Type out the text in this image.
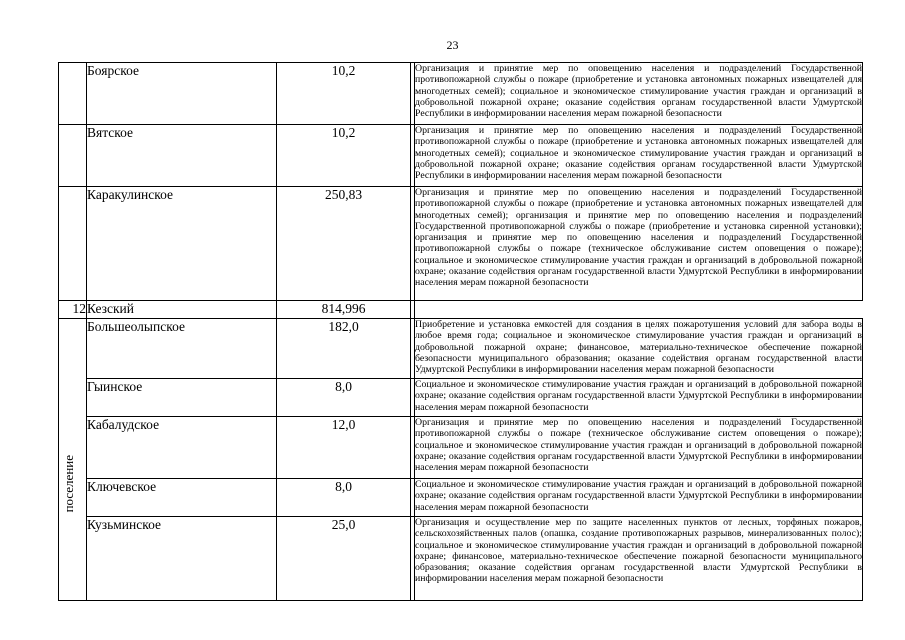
23
	Боярское	10,2		Организация и принятие мер по оповещению населения и подразделений Государственной противопожарной службы о пожаре (приобретение и установка автономных пожарных извещателей для многодетных семей); социальное и экономическое стимулирование участия граждан и организаций в добровольной пожарной охране; оказание содействия органам государственной власти Удмуртской Республики в информировании населения мерам пожарной безопасности
	Вятское	10,2		Организация и принятие мер по оповещению населения и подразделений Государственной противопожарной службы о пожаре (приобретение и установка автономных пожарных извещателей для многодетных семей); социальное и экономическое стимулирование участия граждан и организаций в добровольной пожарной охране; оказание содействия органам государственной власти Удмуртской Республики в информировании населения мерам пожарной безопасности
	Каракулинское	250,83		Организация и принятие мер по оповещению населения и подразделений Государственной противопожарной службы о пожаре (приобретение и установка автономных пожарных извещателей для многодетных семей); организация и принятие мер по оповещению населения и подразделений Государственной противопожарной службы о пожаре (приобретение и установка сиренной установки); организация и принятие мер по оповещению населения и подразделений Государственной противопожарной службы о пожаре (техническое обслуживание систем оповещения о пожаре); социальное и экономическое стимулирование участия граждан и организаций в добровольной пожарной охране; оказание содействия органам государственной власти Удмуртской Республики в информировании населения мерам пожарной безопасности
12	Кезский	814,996		

поселение	Большеолыпское	182,0		Приобретение и установка емкостей для создания в целях пожаротушения условий для забора воды в любое время года; социальное и экономическое стимулирование участия граждан и организаций в добровольной пожарной охране; финансовое, материально-техническое обеспечение пожарной безопасности муниципального образования; оказание содействия органам государственной власти Удмуртской Республики в информировании населения мерам пожарной безопасности
	Гыинское	8,0		Социальное и экономическое стимулирование участия граждан и организаций в добровольной пожарной охране; оказание содействия органам государственной власти Удмуртской Республики в информировании населения мерам пожарной безопасности
	Кабалудское	12,0		Организация и принятие мер по оповещению населения и подразделений Государственной противопожарной службы о пожаре (техническое обслуживание систем оповещения о пожаре); социальное и экономическое стимулирование участия граждан и организаций в добровольной пожарной охране; оказание содействия органам государственной власти Удмуртской Республики в информировании населения мерам пожарной безопасности
	Ключевское	8,0		Социальное и экономическое стимулирование участия граждан и организаций в добровольной пожарной охране; оказание содействия органам государственной власти Удмуртской Республики в информировании населения мерам пожарной безопасности
	Кузьминское	25,0		Организация и осуществление мер по защите населенных пунктов от лесных, торфяных пожаров, сельскохозяйственных палов (опашка, создание противопожарных разрывов, минерализованных полос); социальное и экономическое стимулирование участия граждан и организаций в добровольной пожарной охране; финансовое, материально-техническое обеспечение пожарной безопасности муниципального образования; оказание содействия органам государственной власти Удмуртской Республики в информировании населения мерам пожарной безопасности
